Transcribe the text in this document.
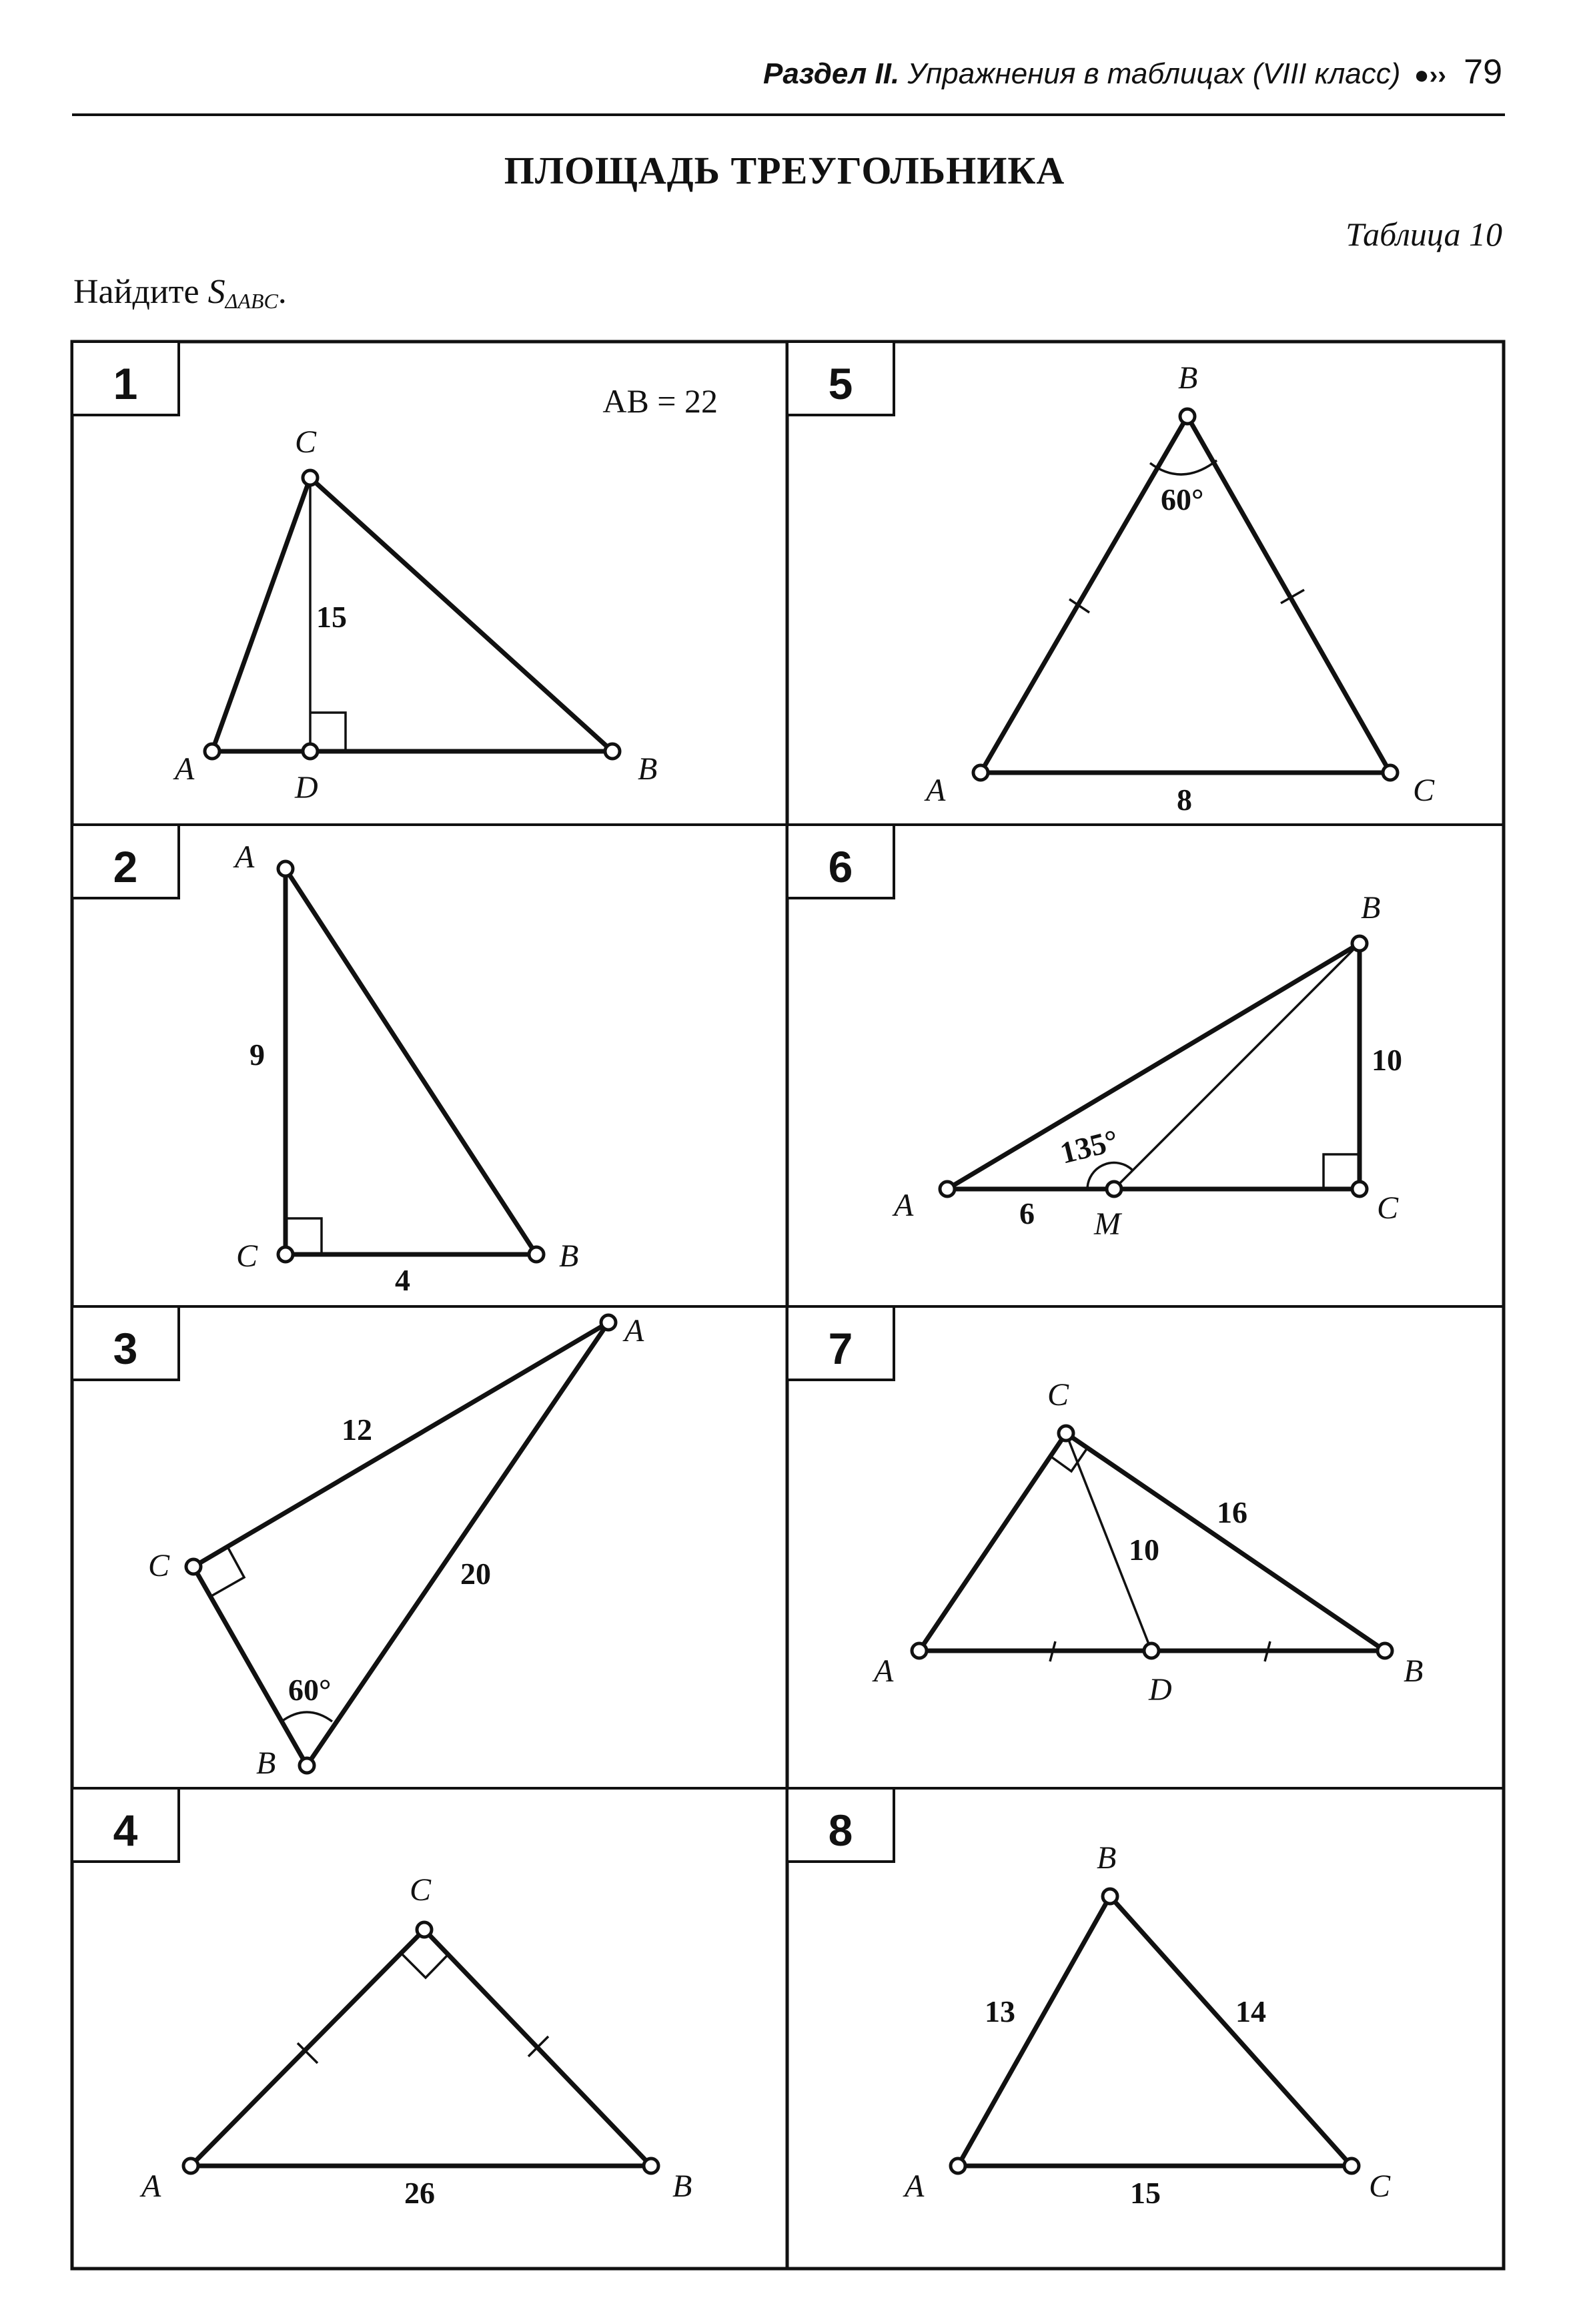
Раздел II. Упражнения в таблицах (VIII класс) ●›› 79
ПЛОЩАДЬ ТРЕУГОЛЬНИКА
Таблица 10
Найдите $S_{\Delta ABC}$.
1
2
3
4
5
6
7
8
AB = 22
A	B
C
D
15
A
B
C
9
4
A
B
C
12
20
60°
A	B
C
26
A
B
C
60°
8
A
B
C
M
10
135°
6
A	B
C
D
16
10
A
B
C
13	14
15
